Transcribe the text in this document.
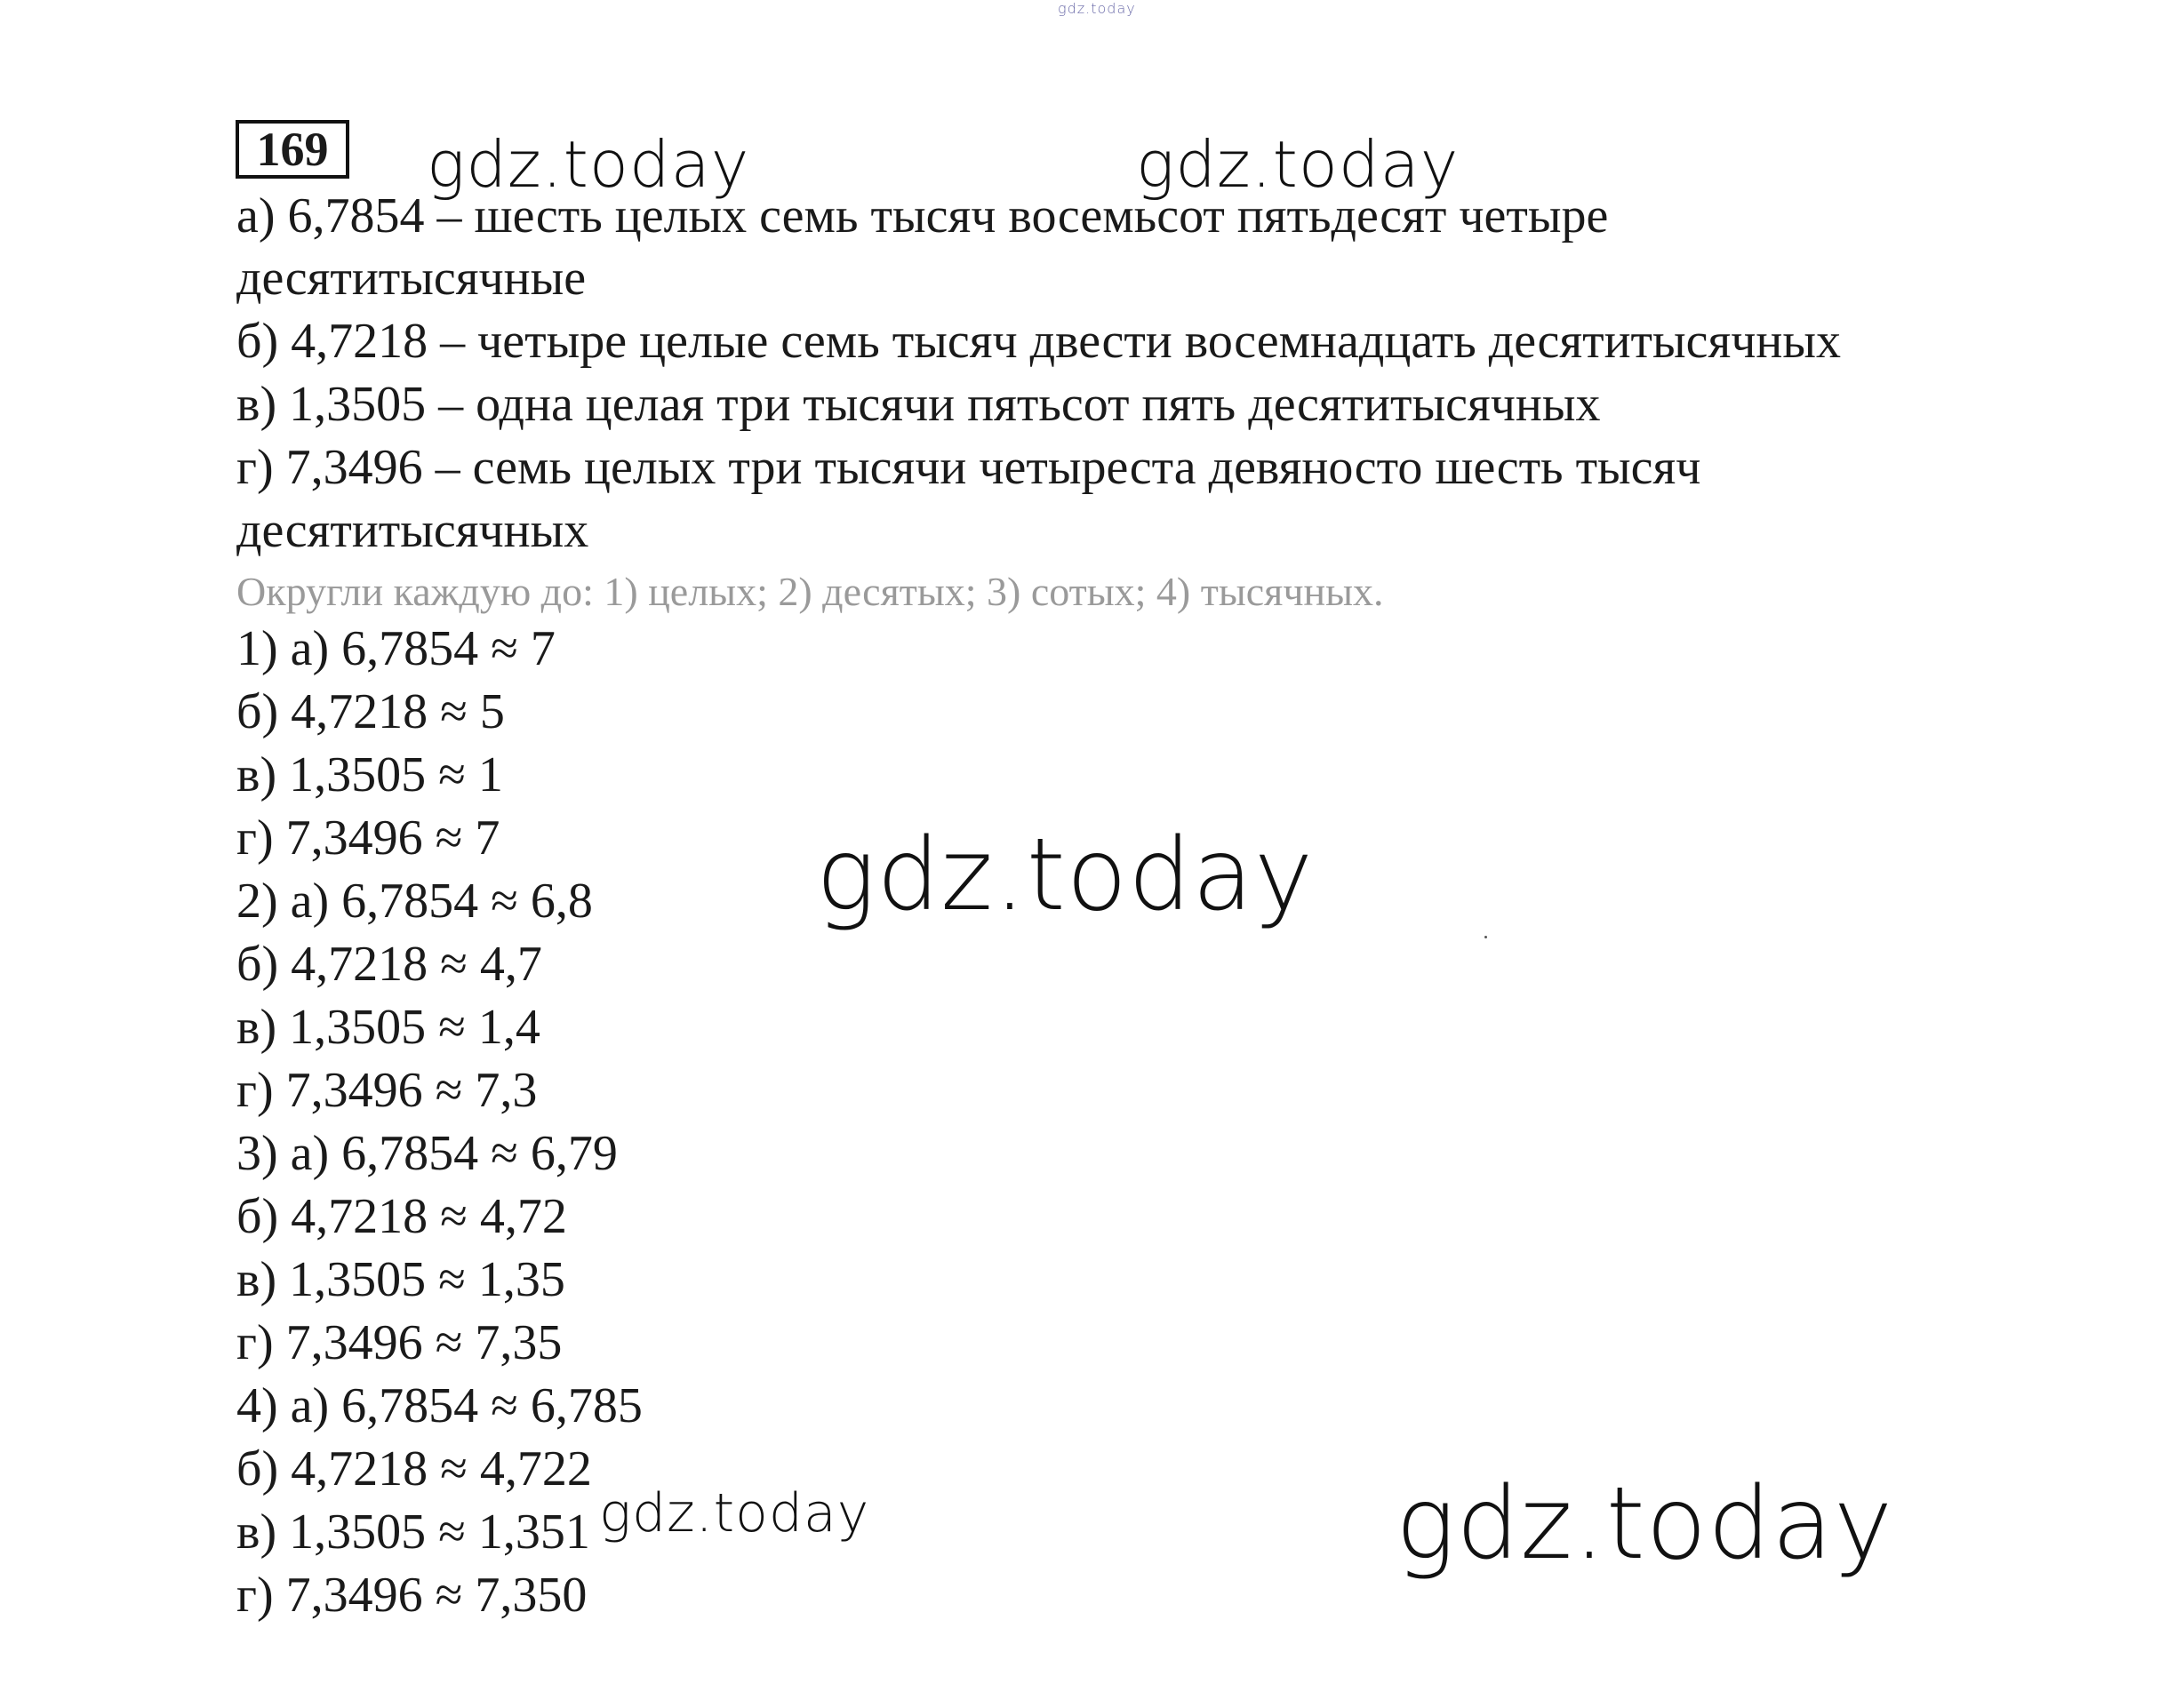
gdz.today
169	gdz.today	gdz.today
а) 6,7854 – шесть целых семь тысяч восемьсот пятьдесят четыре
десятитысячные
б) 4,7218 – четыре целые семь тысяч двести восемнадцать десятитысячных
в) 1,3505 – одна целая три тысячи пятьсот пять десятитысячных
г) 7,3496 – семь целых три тысячи четыреста девяносто шесть тысяч
десятитысячных
Округли каждую до: 1) целых; 2) десятых; 3) сотых; 4) тысячных.
1) а) 6,7854 ≈ 7
б) 4,7218 ≈ 5
в) 1,3505 ≈ 1
г) 7,3496 ≈ 7
2) а) 6,7854 ≈ 6,8
б) 4,7218 ≈ 4,7
в) 1,3505 ≈ 1,4
г) 7,3496 ≈ 7,3
3) а) 6,7854 ≈ 6,79
б) 4,7218 ≈ 4,72
в) 1,3505 ≈ 1,35
г) 7,3496 ≈ 7,35
4) а) 6,7854 ≈ 6,785
б) 4,7218 ≈ 4,722
в) 1,3505 ≈ 1,351
г) 7,3496 ≈ 7,350
gdz.today
gdz.today	gdz.today
